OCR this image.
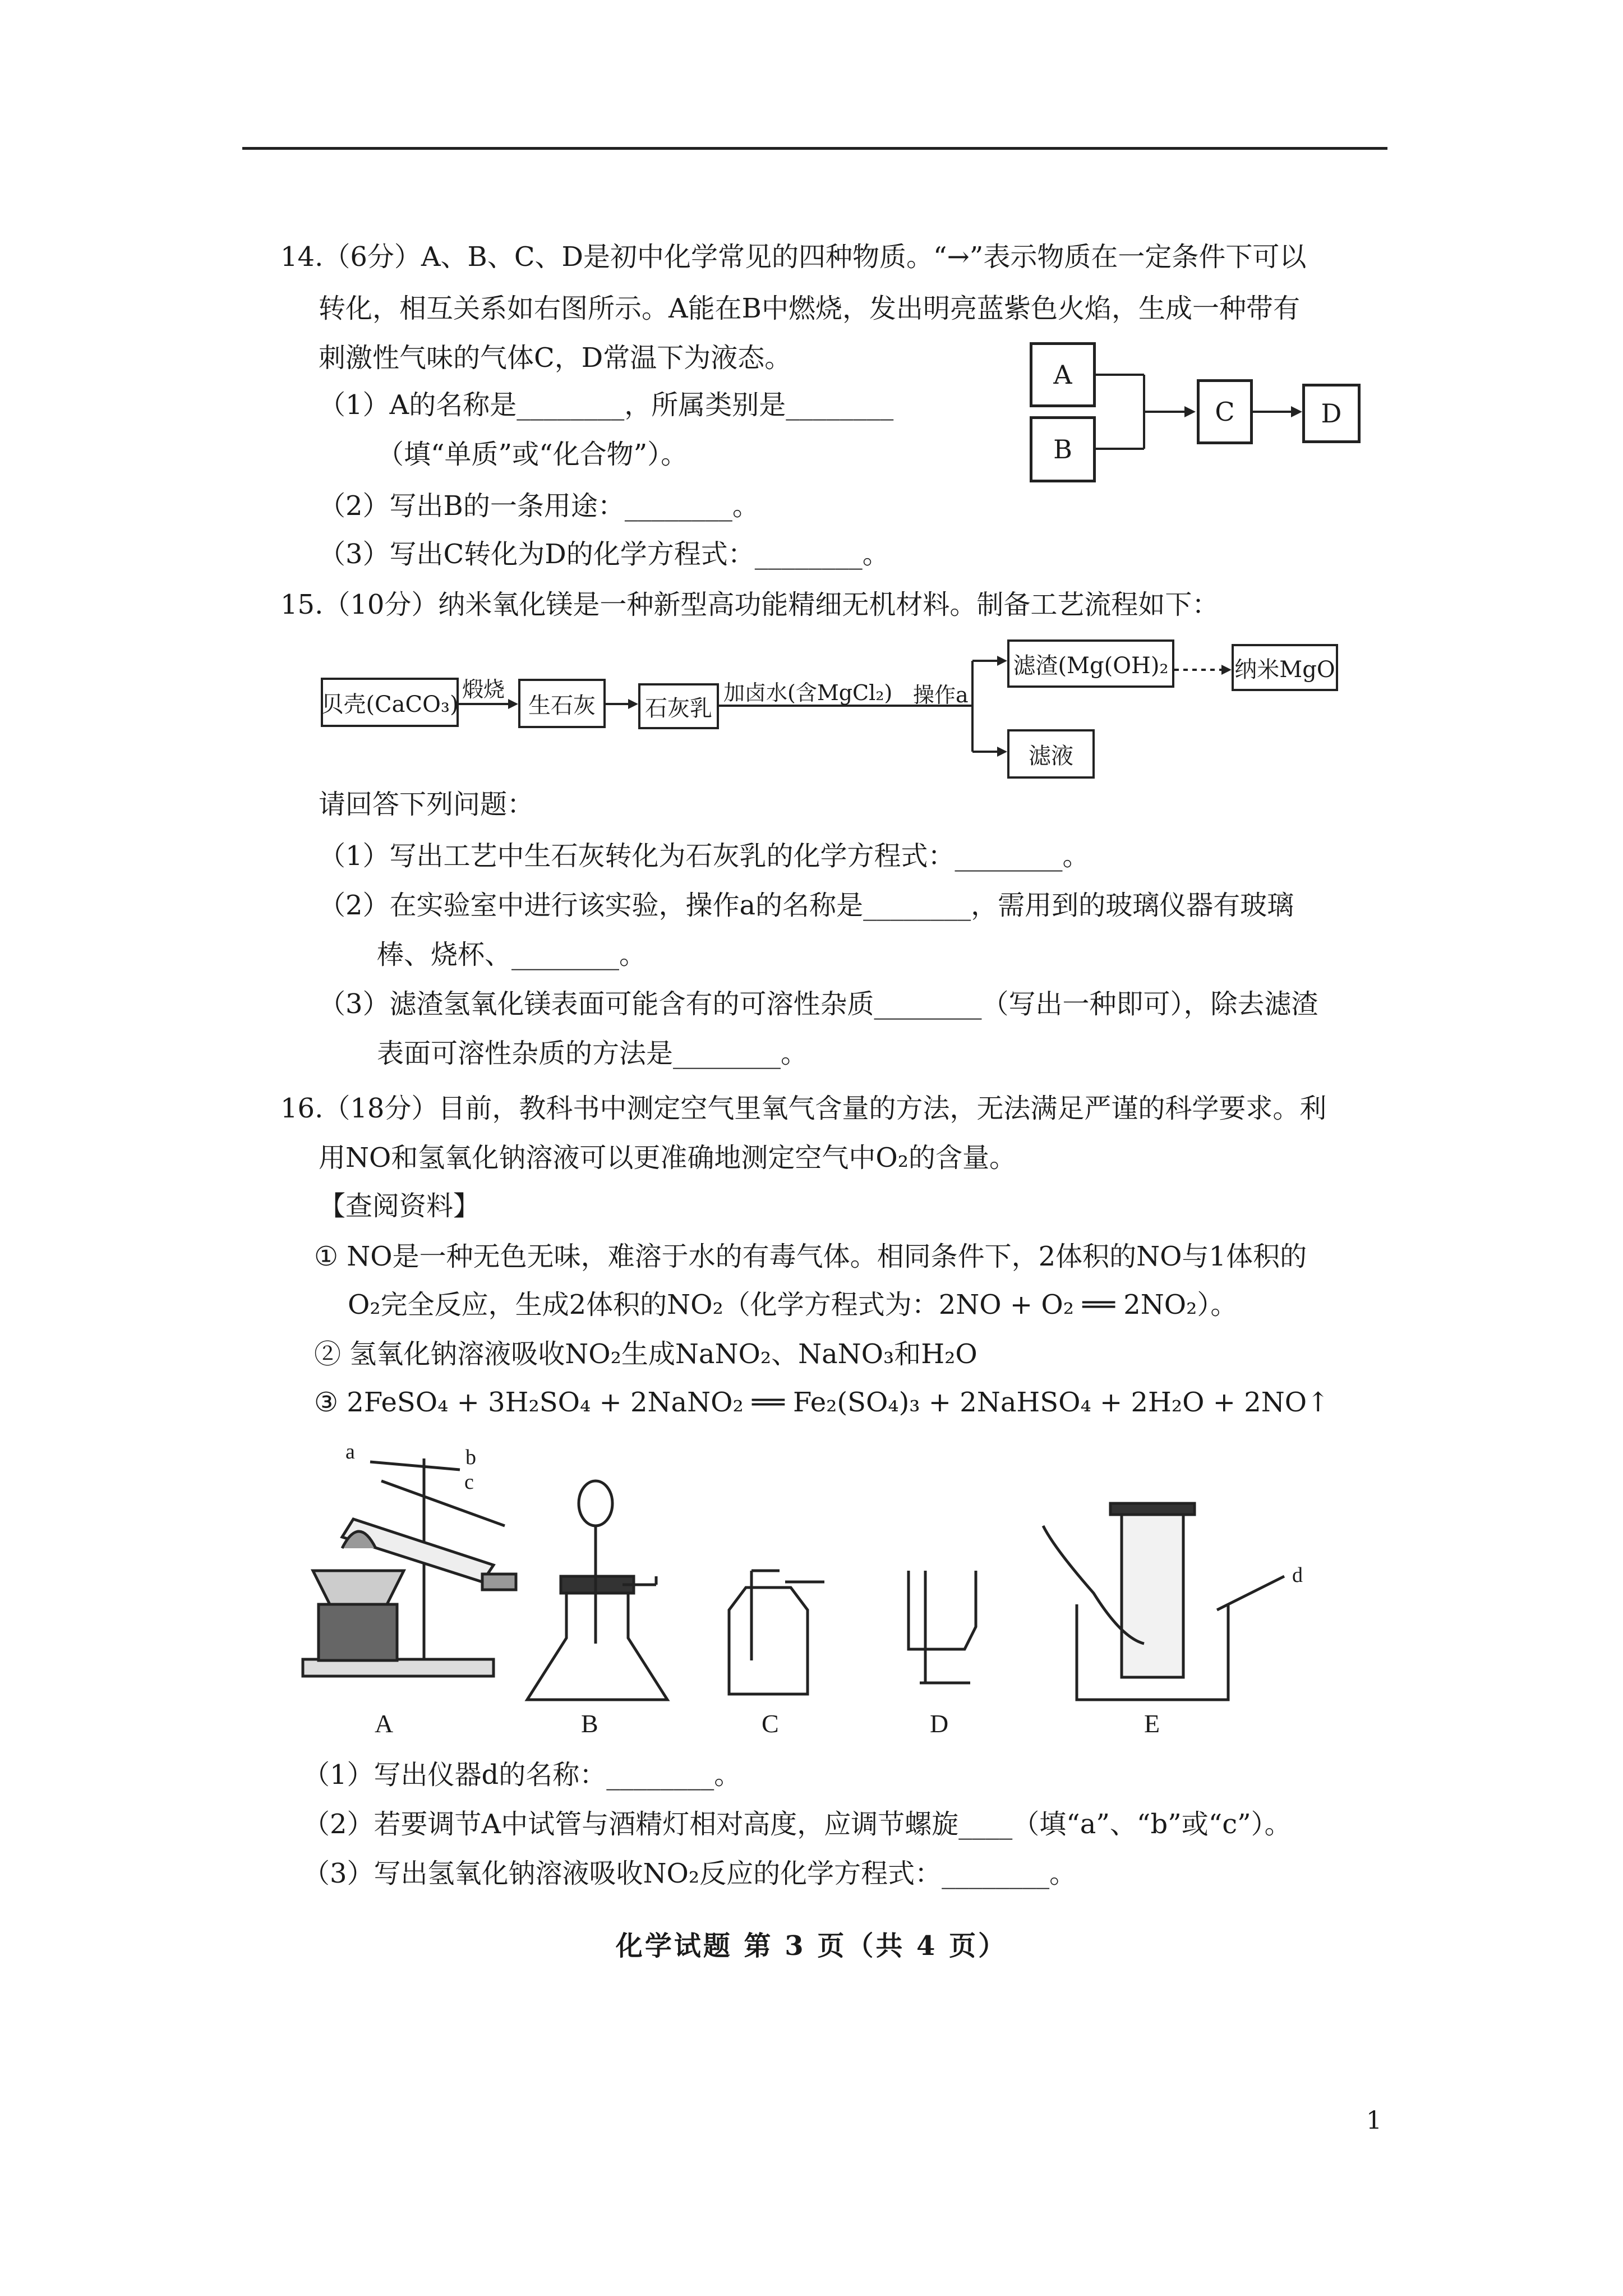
14.（6分）A、B、C、D是初中化学常见的四种物质。“→”表示物质在一定条件下可以
转化，相互关系如右图所示。A能在B中燃烧，发出明亮蓝紫色火焰，生成一种带有
刺激性气味的气体C，D常温下为液态。
（1）A的名称是________，所属类别是________
（填“单质”或“化合物”）。
（2）写出B的一条用途：________。
（3）写出C转化为D的化学方程式：________。
A
B
C	D
15.（10分）纳米氧化镁是一种新型高功能精细无机材料。制备工艺流程如下：
贝壳(CaCO₃)
煅烧
生石灰	石灰乳
加卤水(含MgCl₂) 操作a
滤渣(Mg(OH)₂	纳米MgO
滤液
请回答下列问题：
（1）写出工艺中生石灰转化为石灰乳的化学方程式：________。
（2）在实验室中进行该实验，操作a的名称是________，需用到的玻璃仪器有玻璃
棒、烧杯、________。
（3）滤渣氢氧化镁表面可能含有的可溶性杂质________（写出一种即可），除去滤渣
表面可溶性杂质的方法是________。
16.（18分）目前，教科书中测定空气里氧气含量的方法，无法满足严谨的科学要求。利
用NO和氢氧化钠溶液可以更准确地测定空气中O₂的含量。
【查阅资料】
① NO是一种无色无味，难溶于水的有毒气体。相同条件下，2体积的NO与1体积的
O₂完全反应，生成2体积的NO₂（化学方程式为：2NO + O₂ ══ 2NO₂）。
② 氢氧化钠溶液吸收NO₂生成NaNO₂、NaNO₃和H₂O
③ 2FeSO₄ + 3H₂SO₄ + 2NaNO₂ ══ Fe₂(SO₄)₃ + 2NaHSO₄ + 2H₂O + 2NO↑
a	b
c
d
A	B	C	D	E
（1）写出仪器d的名称：________。
（2）若要调节A中试管与酒精灯相对高度，应调节螺旋____（填“a”、“b”或“c”）。
（3）写出氢氧化钠溶液吸收NO₂反应的化学方程式：________。
化学试题 第 3 页（共 4 页）
1
